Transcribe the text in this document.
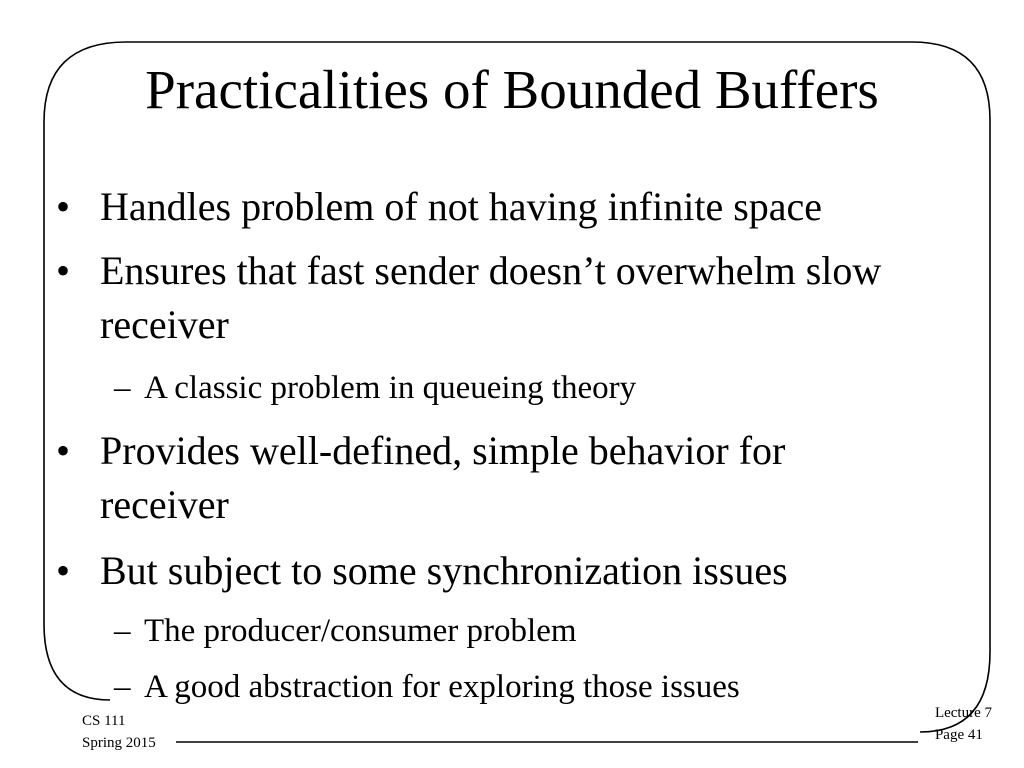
Practicalities of Bounded Buffers
• Handles problem of not having infinite space
• Ensures that fast sender doesn’t overwhelm slow receiver
– A classic problem in queueing theory
• Provides well-defined, simple behavior for receiver
• But subject to some synchronization issues
– The producer/consumer problem
– A good abstraction for exploring those issues
CS 111
Spring 2015
Lecture 7
Page 41
